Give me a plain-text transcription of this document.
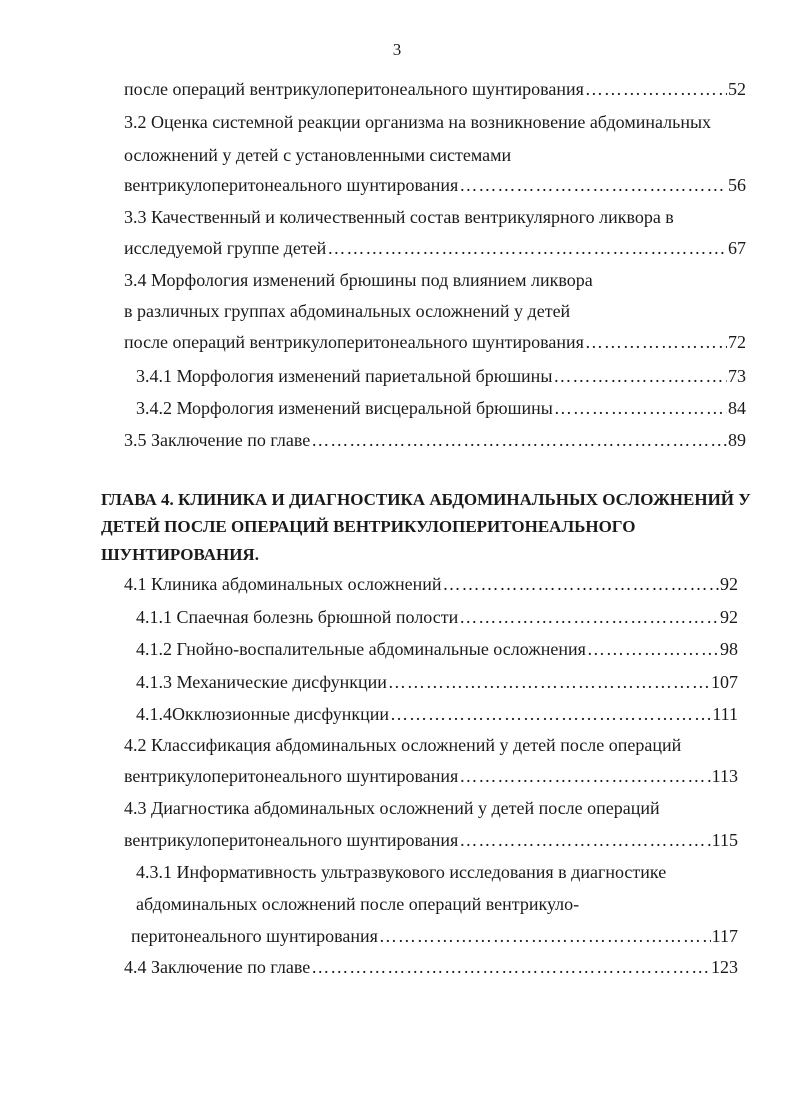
3
после операций вентрикулоперитонеального шунтирования ………………………………………………………………………………………………………………………………………………………………………………………………………………	52
3.2 Оценка системной реакции организма на возникновение абдоминальных
осложнений у детей с установленными системами
вентрикулоперитонеального шунтирования ………………………………………………………………………………………………………………………………………………………………………………………………………………	56
3.3 Качественный и количественный состав вентрикулярного ликвора в
исследуемой группе детей ………………………………………………………………………………………………………………………………………………………………………………………………………………	67
3.4 Морфология изменений брюшины под влиянием ликвора
в различных группах абдоминальных осложнений у детей
после операций вентрикулоперитонеального шунтирования ………………………………………………………………………………………………………………………………………………………………………………………………………………	72
3.4.1 Морфология изменений париетальной брюшины ………………………………………………………………………………………………………………………………………………………………………………………………………………	73
3.4.2 Морфология изменений висцеральной брюшины ………………………………………………………………………………………………………………………………………………………………………………………………………………	84
3.5 Заключение по главе ………………………………………………………………………………………………………………………………………………………………………………………………………………	89
ГЛАВА 4. КЛИНИКА И ДИАГНОСТИКА АБДОМИНАЛЬНЫХ ОСЛОЖНЕНИЙ У
ДЕТЕЙ ПОСЛЕ ОПЕРАЦИЙ ВЕНТРИКУЛОПЕРИТОНЕАЛЬНОГО
ШУНТИРОВАНИЯ.
4.1 Клиника абдоминальных осложнений ………………………………………………………………………………………………………………………………………………………………………………………………………………	92
4.1.1 Спаечная болезнь брюшной полости ………………………………………………………………………………………………………………………………………………………………………………………………………………	92
4.1.2 Гнойно-воспалительные абдоминальные осложнения ………………………………………………………………………………………………………………………………………………………………………………………………………………	98
4.1.3 Механические дисфункции ………………………………………………………………………………………………………………………………………………………………………………………………………………	107
4.1.4Окклюзионные дисфункции ………………………………………………………………………………………………………………………………………………………………………………………………………………	111
4.2 Классификация абдоминальных осложнений у детей после операций
вентрикулоперитонеального шунтирования ………………………………………………………………………………………………………………………………………………………………………………………………………………	113
4.3 Диагностика абдоминальных осложнений у детей после операций
вентрикулоперитонеального шунтирования ………………………………………………………………………………………………………………………………………………………………………………………………………………	115
4.3.1 Информативность ультразвукового исследования в диагностике
абдоминальных осложнений после операций вентрикуло-
перитонеального шунтирования ………………………………………………………………………………………………………………………………………………………………………………………………………………	117
4.4 Заключение по главе ………………………………………………………………………………………………………………………………………………………………………………………………………………	123
